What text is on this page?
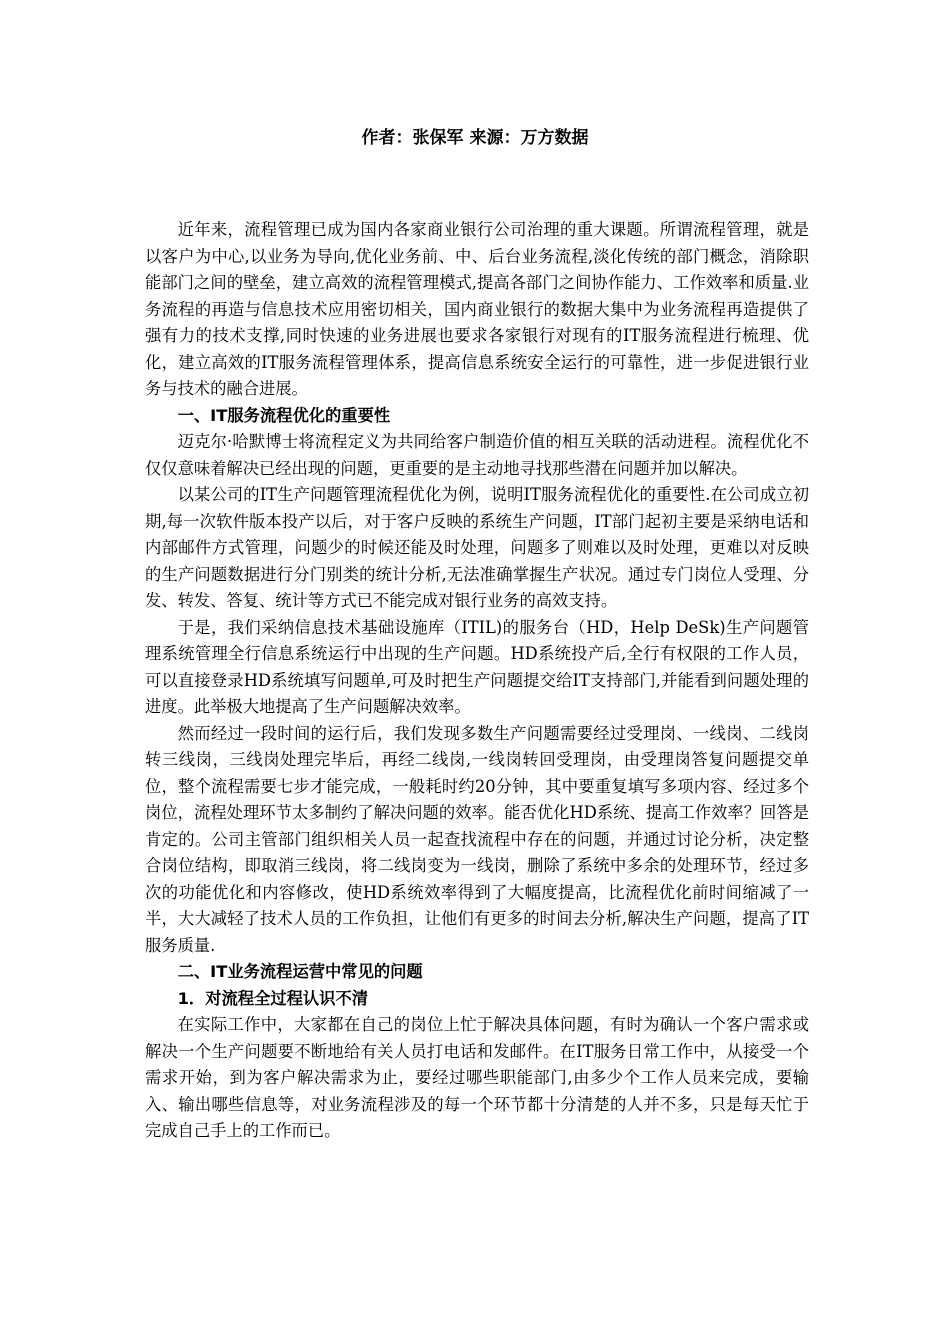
作者：张保军 来源：万方数据

近年来，流程管理已成为国内各家商业银行公司治理的重大课题。所谓流程管理，就是以客户为中心,以业务为导向,优化业务前、中、后台业务流程,淡化传统的部门概念，消除职能部门之间的壁垒，建立高效的流程管理模式,提高各部门之间协作能力、工作效率和质量.业务流程的再造与信息技术应用密切相关，国内商业银行的数据大集中为业务流程再造提供了强有力的技术支撑,同时快速的业务进展也要求各家银行对现有的IT服务流程进行梳理、优化，建立高效的IT服务流程管理体系，提高信息系统安全运行的可靠性，进一步促进银行业务与技术的融合进展。

一、IT服务流程优化的重要性

迈克尔·哈默博士将流程定义为共同给客户制造价值的相互关联的活动进程。流程优化不仅仅意味着解决已经出现的问题，更重要的是主动地寻找那些潜在问题并加以解决。

以某公司的IT生产问题管理流程优化为例，说明IT服务流程优化的重要性.在公司成立初期,每一次软件版本投产以后，对于客户反映的系统生产问题，IT部门起初主要是采纳电话和内部邮件方式管理，问题少的时候还能及时处理，问题多了则难以及时处理，更难以对反映的生产问题数据进行分门别类的统计分析,无法准确掌握生产状况。通过专门岗位人受理、分发、转发、答复、统计等方式已不能完成对银行业务的高效支持。

于是，我们采纳信息技术基础设施库（ITIL)的服务台（HD，Help DeSk)生产问题管理系统管理全行信息系统运行中出现的生产问题。HD系统投产后,全行有权限的工作人员，可以直接登录HD系统填写问题单,可及时把生产问题提交给IT支持部门,并能看到问题处理的进度。此举极大地提高了生产问题解决效率。

然而经过一段时间的运行后，我们发现多数生产问题需要经过受理岗、一线岗、二线岗转三线岗，三线岗处理完毕后，再经二线岗,一线岗转回受理岗，由受理岗答复问题提交单位，整个流程需要七步才能完成，一般耗时约20分钟，其中要重复填写多项内容、经过多个岗位，流程处理环节太多制约了解决问题的效率。能否优化HD系统、提高工作效率？回答是肯定的。公司主管部门组织相关人员一起查找流程中存在的问题，并通过讨论分析，决定整合岗位结构，即取消三线岗，将二线岗变为一线岗，删除了系统中多余的处理环节，经过多次的功能优化和内容修改，使HD系统效率得到了大幅度提高，比流程优化前时间缩减了一半，大大减轻了技术人员的工作负担，让他们有更多的时间去分析,解决生产问题，提高了IT服务质量.

二、IT业务流程运营中常见的问题
1．对流程全过程认识不清

在实际工作中，大家都在自己的岗位上忙于解决具体问题，有时为确认一个客户需求或解决一个生产问题要不断地给有关人员打电话和发邮件。在IT服务日常工作中，从接受一个需求开始，到为客户解决需求为止，要经过哪些职能部门,由多少个工作人员来完成，要输入、输出哪些信息等，对业务流程涉及的每一个环节都十分清楚的人并不多，只是每天忙于完成自己手上的工作而已。
